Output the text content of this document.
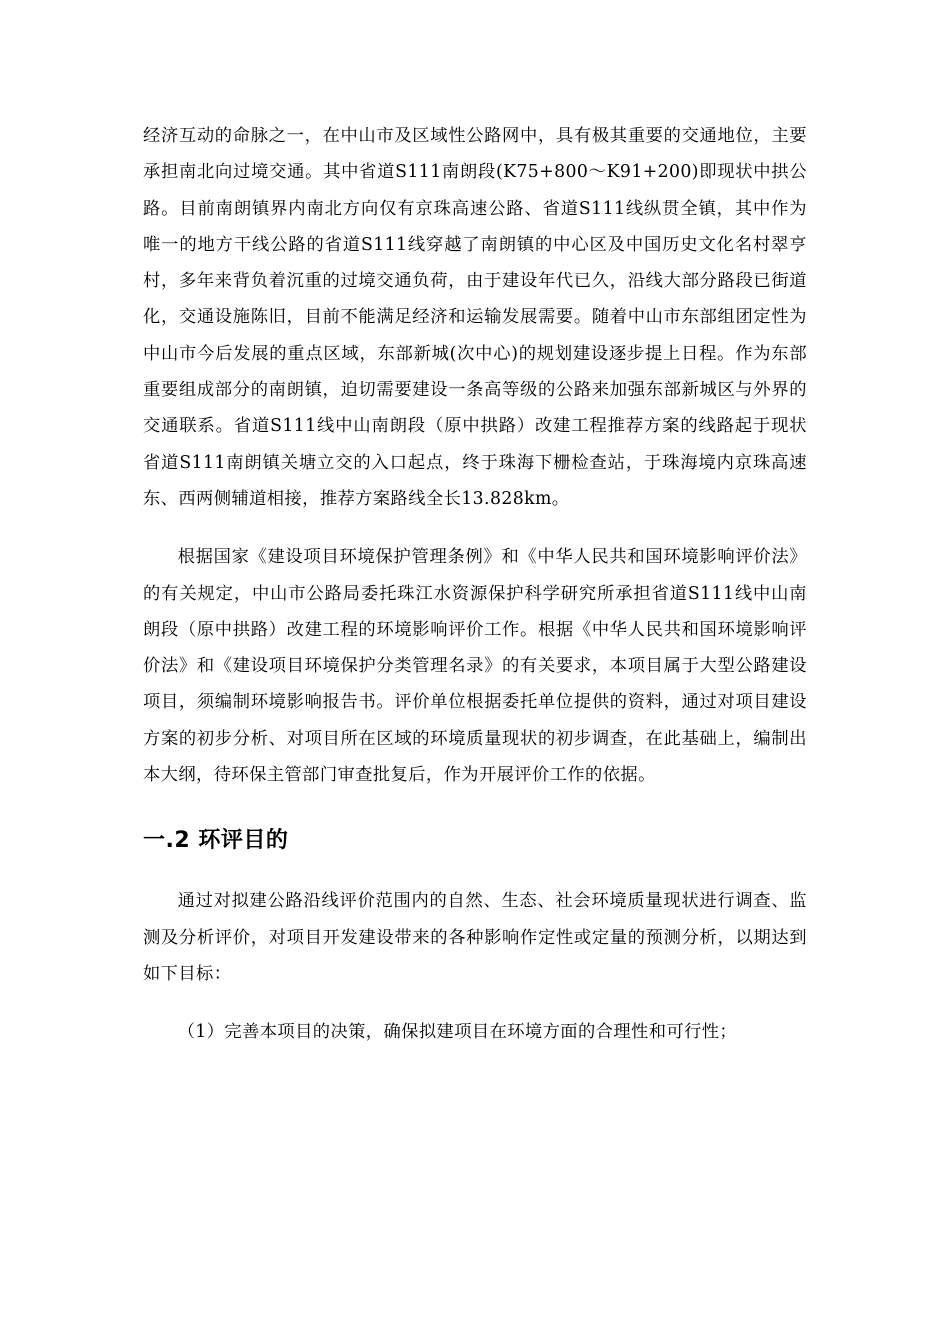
经济互动的命脉之一，在中山市及区域性公路网中，具有极其重要的交通地位，主要承担南北向过境交通。其中省道S111南朗段(K75+800～K91+200)即现状中拱公路。目前南朗镇界内南北方向仅有京珠高速公路、省道S111线纵贯全镇，其中作为唯一的地方干线公路的省道S111线穿越了南朗镇的中心区及中国历史文化名村翠亨村，多年来背负着沉重的过境交通负荷，由于建设年代已久，沿线大部分路段已街道化，交通设施陈旧，目前不能满足经济和运输发展需要。随着中山市东部组团定性为中山市今后发展的重点区域，东部新城(次中心)的规划建设逐步提上日程。作为东部重要组成部分的南朗镇，迫切需要建设一条高等级的公路来加强东部新城区与外界的交通联系。省道S111线中山南朗段（原中拱路）改建工程推荐方案的线路起于现状省道S111南朗镇关塘立交的入口起点，终于珠海下栅检查站，于珠海境内京珠高速东、西两侧辅道相接，推荐方案路线全长13.828km。

根据国家《建设项目环境保护管理条例》和《中华人民共和国环境影响评价法》的有关规定，中山市公路局委托珠江水资源保护科学研究所承担省道S111线中山南朗段（原中拱路）改建工程的环境影响评价工作。根据《中华人民共和国环境影响评价法》和《建设项目环境保护分类管理名录》的有关要求，本项目属于大型公路建设项目，须编制环境影响报告书。评价单位根据委托单位提供的资料，通过对项目建设方案的初步分析、对项目所在区域的环境质量现状的初步调查，在此基础上，编制出本大纲，待环保主管部门审查批复后，作为开展评价工作的依据。

一.2 环评目的

通过对拟建公路沿线评价范围内的自然、生态、社会环境质量现状进行调查、监测及分析评价，对项目开发建设带来的各种影响作定性或定量的预测分析，以期达到如下目标：

（1）完善本项目的决策，确保拟建项目在环境方面的合理性和可行性；
